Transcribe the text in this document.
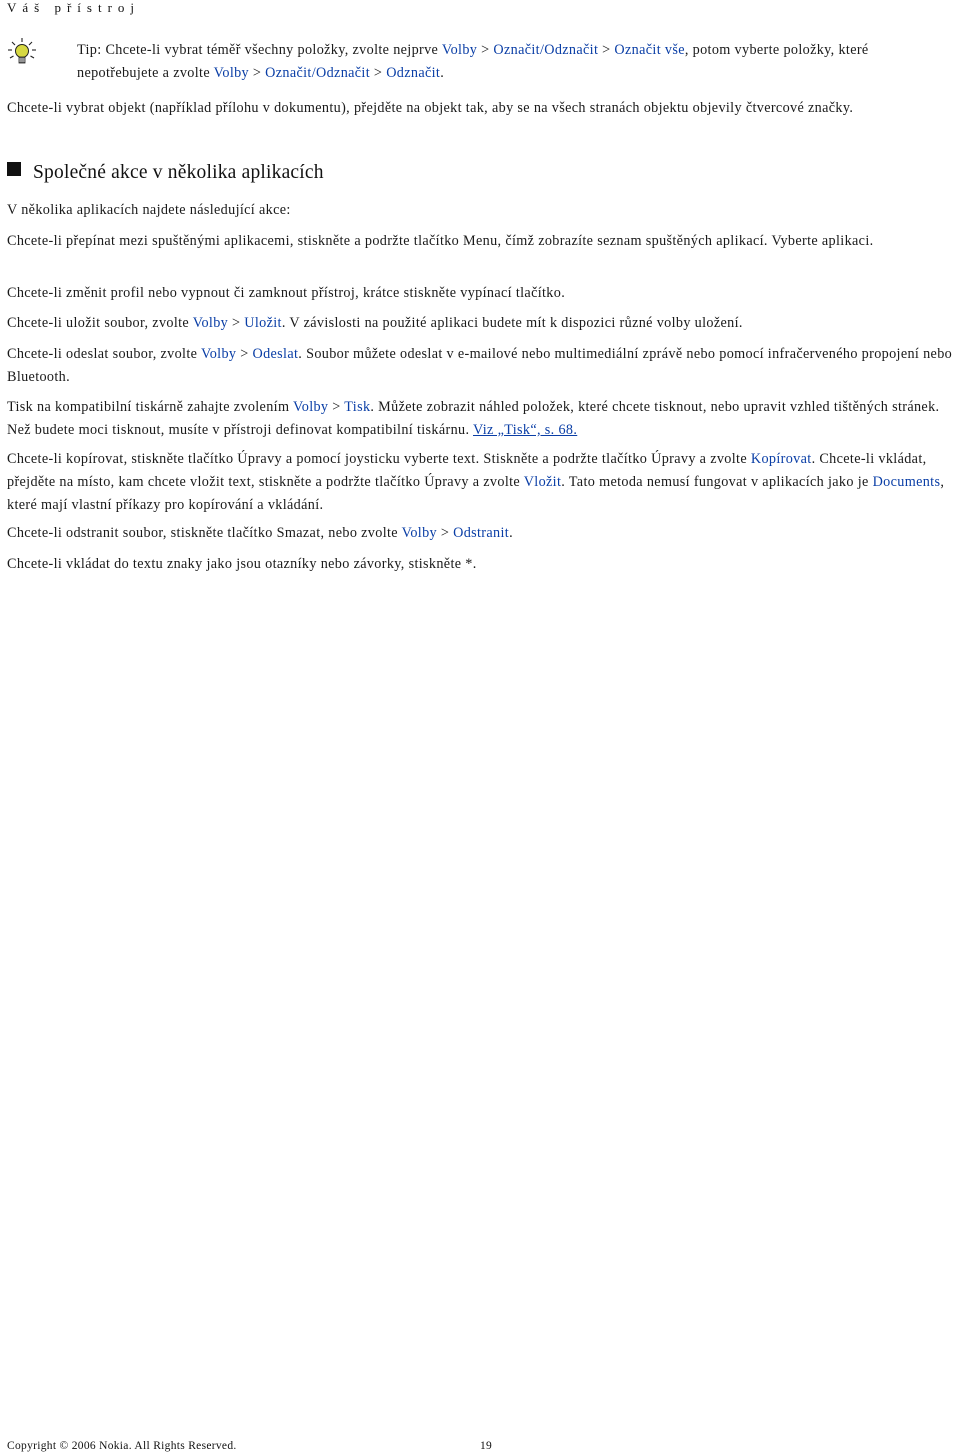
Váš přístroj
Tip: Chcete-li vybrat téměř všechny položky, zvolte nejprve Volby > Označit/Odznačit > Označit vše, potom vyberte položky, které nepotřebujete a zvolte Volby > Označit/Odznačit > Odznačit.
Chcete-li vybrat objekt (například přílohu v dokumentu), přejděte na objekt tak, aby se na všech stranách objektu objevily čtvercové značky.
Společné akce v několika aplikacích
V několika aplikacích najdete následující akce:
Chcete-li přepínat mezi spuštěnými aplikacemi, stiskněte a podržte tlačítko Menu, čímž zobrazíte seznam spuštěných aplikací. Vyberte aplikaci.
Chcete-li změnit profil nebo vypnout či zamknout přístroj, krátce stiskněte vypínací tlačítko.
Chcete-li uložit soubor, zvolte Volby > Uložit. V závislosti na použité aplikaci budete mít k dispozici různé volby uložení.
Chcete-li odeslat soubor, zvolte Volby > Odeslat. Soubor můžete odeslat v e-mailové nebo multimediální zprávě nebo pomocí infračerveného propojení nebo Bluetooth.
Tisk na kompatibilní tiskárně zahajte zvolením Volby > Tisk. Můžete zobrazit náhled položek, které chcete tisknout, nebo upravit vzhled tištěných stránek. Než budete moci tisknout, musíte v přístroji definovat kompatibilní tiskárnu. Viz „Tisk“, s. 68.
Chcete-li kopírovat, stiskněte tlačítko Úpravy a pomocí joysticku vyberte text. Stiskněte a podržte tlačítko Úpravy a zvolte Kopírovat. Chcete-li vkládat, přejděte na místo, kam chcete vložit text, stiskněte a podržte tlačítko Úpravy a zvolte Vložit. Tato metoda nemusí fungovat v aplikacích jako je Documents, které mají vlastní příkazy pro kopírování a vkládání.
Chcete-li odstranit soubor, stiskněte tlačítko Smazat, nebo zvolte Volby > Odstranit.
Chcete-li vkládat do textu znaky jako jsou otazníky nebo závorky, stiskněte *.
Copyright © 2006 Nokia. All Rights Reserved.	19
